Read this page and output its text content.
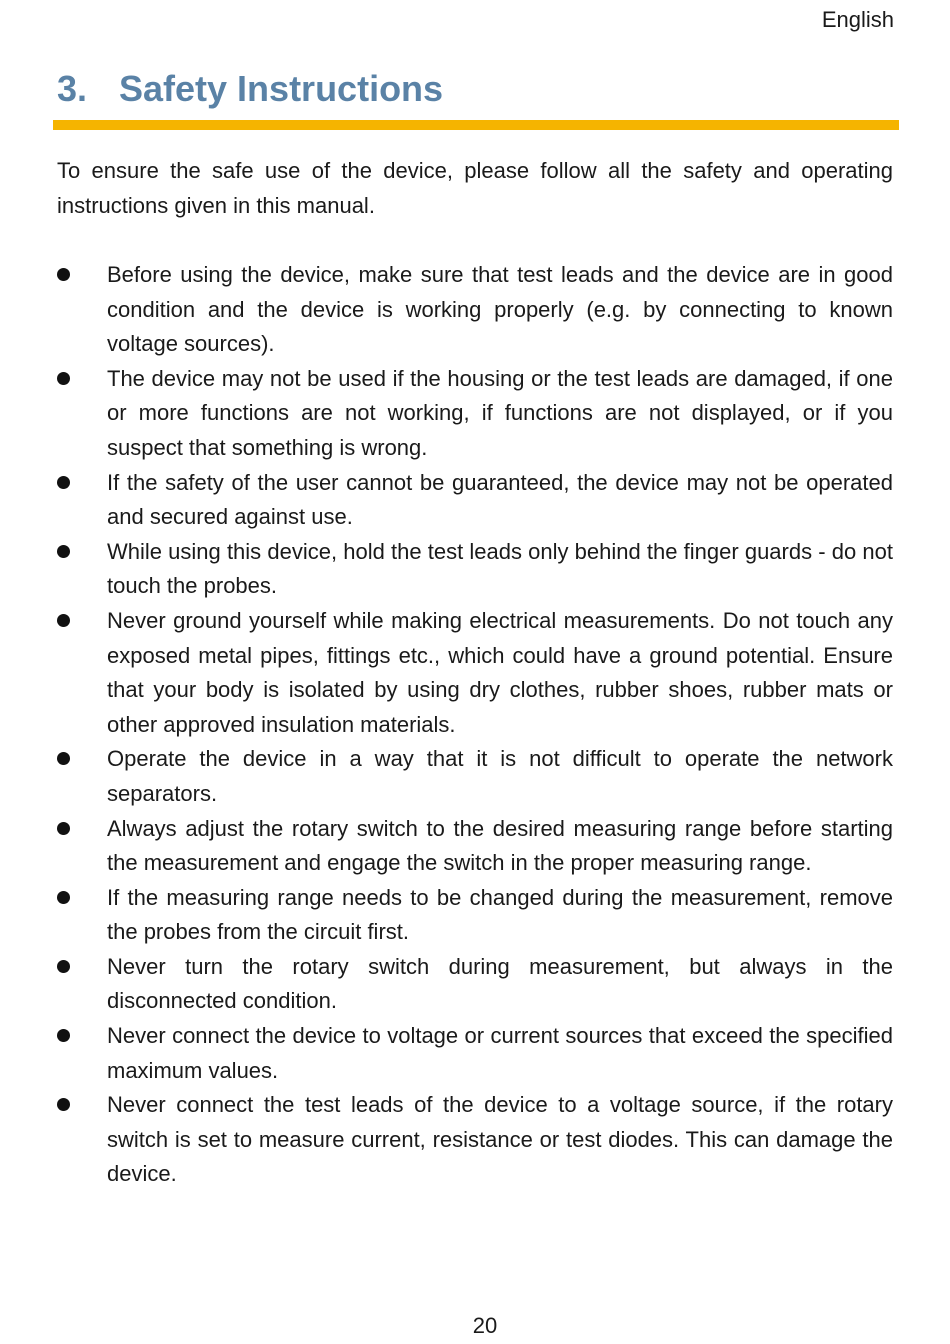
English
3. Safety Instructions

To ensure the safe use of the device, please follow all the safety and operating instructions given in this manual.

Before using the device, make sure that test leads and the device are in good condition and the device is working properly (e.g. by connecting to known voltage sources).
The device may not be used if the housing or the test leads are damaged, if one or more functions are not working, if functions are not displayed, or if you suspect that something is wrong.
If the safety of the user cannot be guaranteed, the device may not be operated and secured against use.
While using this device, hold the test leads only behind the finger guards - do not touch the probes.
Never ground yourself while making electrical measurements. Do not touch any exposed metal pipes, fittings etc., which could have a ground potential. Ensure that your body is isolated by using dry clothes, rubber shoes, rubber mats or other approved insulation materials.
Operate the device in a way that it is not difficult to operate the network separators.
Always adjust the rotary switch to the desired measuring range before starting the measurement and engage the switch in the proper measuring range.
If the measuring range needs to be changed during the measurement, remove the probes from the circuit first.
Never turn the rotary switch during measurement, but always in the disconnected condition.
Never connect the device to voltage or current sources that exceed the specified maximum values.
Never connect the test leads of the device to a voltage source, if the rotary switch is set to measure current, resistance or test diodes. This can damage the device.
20
